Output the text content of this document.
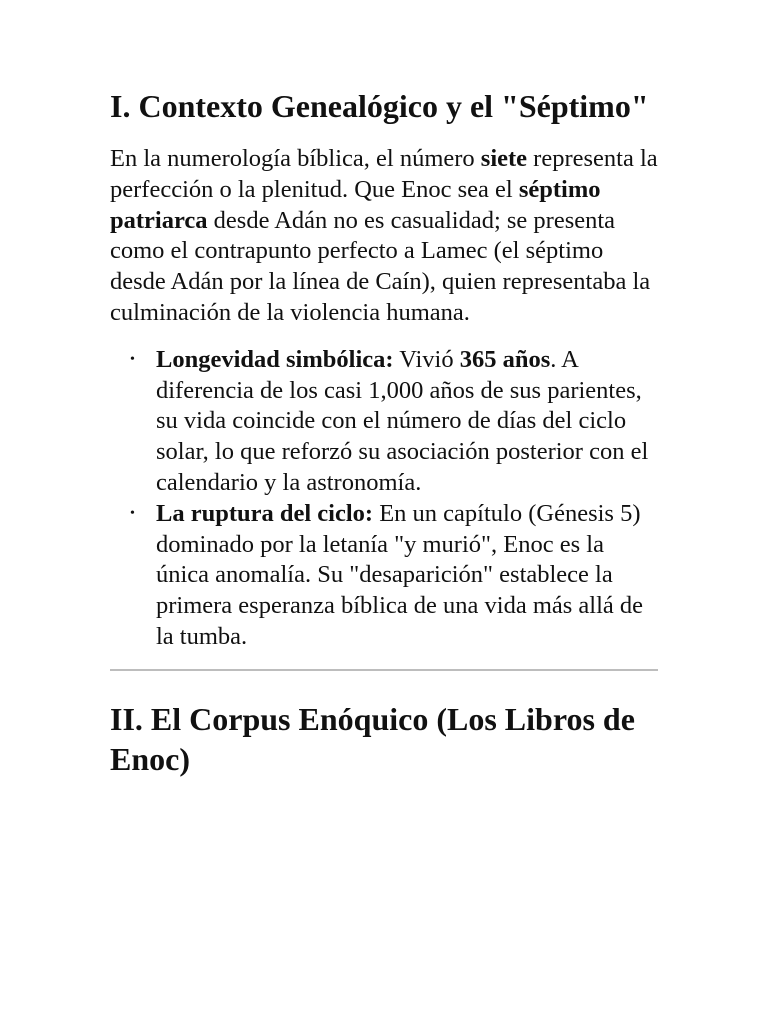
I. Contexto Genealógico y el "Séptimo"

En la numerología bíblica, el número siete representa la perfección o la plenitud. Que Enoc sea el séptimo patriarca desde Adán no es casualidad; se presenta como el contrapunto perfecto a Lamec (el séptimo desde Adán por la línea de Caín), quien representaba la culminación de la violencia humana.

• Longevidad simbólica: Vivió 365 años. A diferencia de los casi 1,000 años de sus parientes, su vida coincide con el número de días del ciclo solar, lo que reforzó su asociación posterior con el calendario y la astronomía.
• La ruptura del ciclo: En un capítulo (Génesis 5) dominado por la letanía "y murió", Enoc es la única anomalía. Su "desaparición" establece la primera esperanza bíblica de una vida más allá de la tumba.
II. El Corpus Enóquico (Los Libros de Enoc)
